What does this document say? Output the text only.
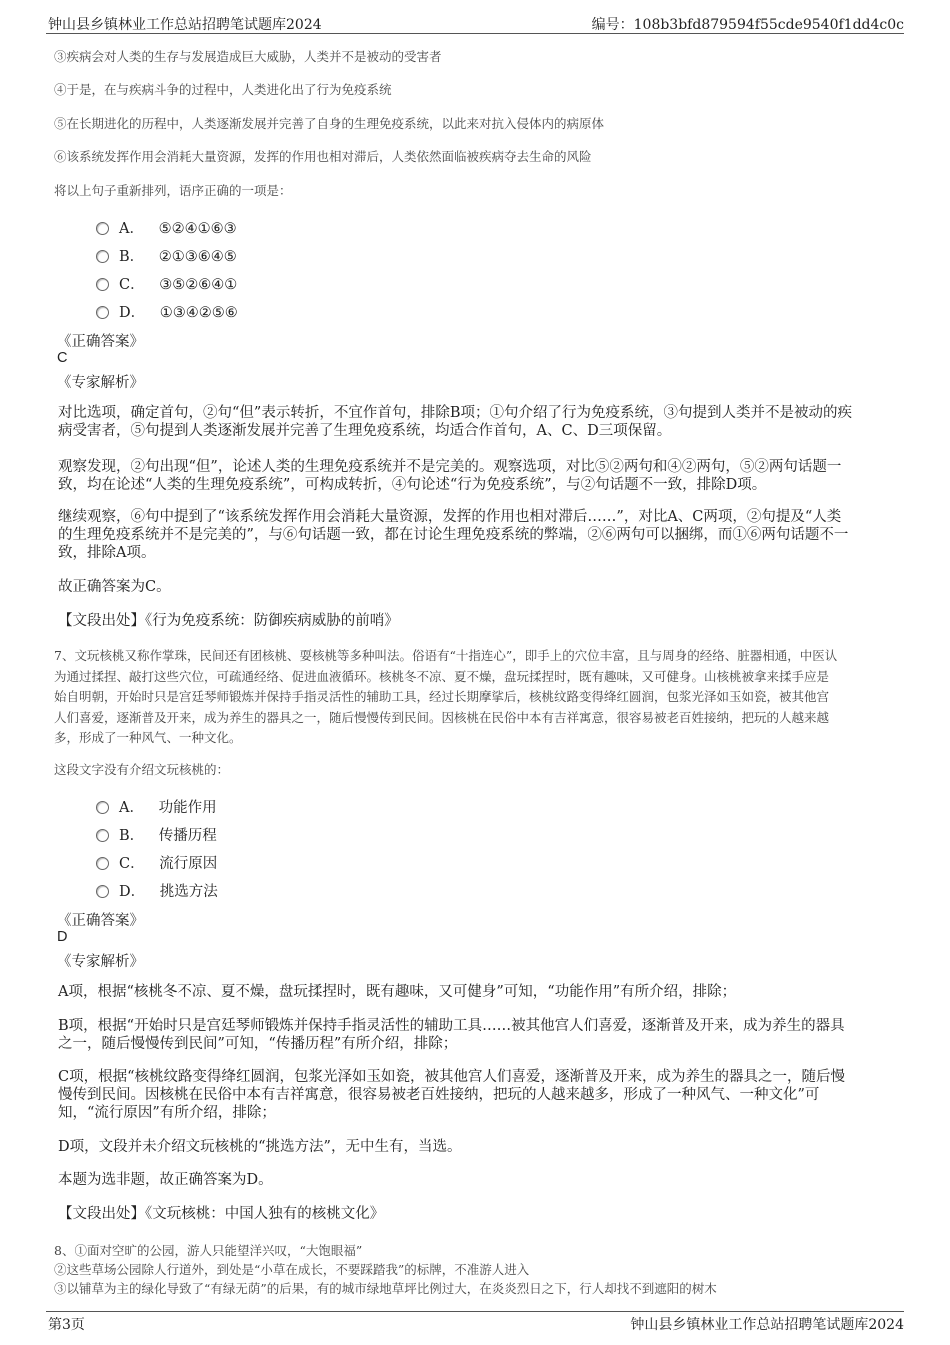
钟山县乡镇林业工作总站招聘笔试题库2024	编号：108b3bfd879594f55cde9540f1dd4c0c
③疾病会对人类的生存与发展造成巨大威胁，人类并不是被动的受害者
④于是，在与疾病斗争的过程中，人类进化出了行为免疫系统
⑤在长期进化的历程中，人类逐渐发展并完善了自身的生理免疫系统，以此来对抗入侵体内的病原体
⑥该系统发挥作用会消耗大量资源，发挥的作用也相对滞后，人类依然面临被疾病夺去生命的风险
将以上句子重新排列，语序正确的一项是：
A． ⑤②④①⑥③
B． ②①③⑥④⑤
C． ③⑤②⑥④①
D． ①③④②⑤⑥
《正确答案》
C
《专家解析》
对比选项，确定首句，②句“但”表示转折，不宜作首句，排除B项；①句介绍了行为免疫系统，③句提到人类并不是被动的疾
病受害者，⑤句提到人类逐渐发展并完善了生理免疫系统，均适合作首句，A、C、D三项保留。
观察发现，②句出现“但”，论述人类的生理免疫系统并不是完美的。观察选项，对比⑤②两句和④②两句，⑤②两句话题一
致，均在论述“人类的生理免疫系统”，可构成转折，④句论述“行为免疫系统”，与②句话题不一致，排除D项。
继续观察，⑥句中提到了“该系统发挥作用会消耗大量资源，发挥的作用也相对滞后……”，对比A、C两项，②句提及“人类
的生理免疫系统并不是完美的”，与⑥句话题一致，都在讨论生理免疫系统的弊端，②⑥两句可以捆绑，而①⑥两句话题不一
致，排除A项。
故正确答案为C。
【文段出处】《行为免疫系统：防御疾病威胁的前哨》
7、文玩核桃又称作掌珠，民间还有团核桃、耍核桃等多种叫法。俗语有“十指连心”，即手上的穴位丰富，且与周身的经络、脏器相通，中医认
为通过揉捏、敲打这些穴位，可疏通经络、促进血液循环。核桃冬不凉、夏不燥，盘玩揉捏时，既有趣味，又可健身。山核桃被拿来揉手应是
始自明朝，开始时只是宫廷琴师锻炼并保持手指灵活性的辅助工具，经过长期摩挲后，核桃纹路变得绛红圆润，包浆光泽如玉如瓷，被其他宫
人们喜爱，逐渐普及开来，成为养生的器具之一，随后慢慢传到民间。因核桃在民俗中本有吉祥寓意，很容易被老百姓接纳，把玩的人越来越
多，形成了一种风气、一种文化。
这段文字没有介绍文玩核桃的：
A． 功能作用
B． 传播历程
C． 流行原因
D． 挑选方法
《正确答案》
D
《专家解析》
A项，根据“核桃冬不凉、夏不燥，盘玩揉捏时，既有趣味，又可健身”可知，“功能作用”有所介绍，排除；
B项，根据“开始时只是宫廷琴师锻炼并保持手指灵活性的辅助工具……被其他宫人们喜爱，逐渐普及开来，成为养生的器具
之一，随后慢慢传到民间”可知，“传播历程”有所介绍，排除；
C项，根据“核桃纹路变得绛红圆润，包浆光泽如玉如瓷，被其他宫人们喜爱，逐渐普及开来，成为养生的器具之一，随后慢
慢传到民间。因核桃在民俗中本有吉祥寓意，很容易被老百姓接纳，把玩的人越来越多，形成了一种风气、一种文化”可
知，“流行原因”有所介绍，排除；
D项，文段并未介绍文玩核桃的“挑选方法”，无中生有，当选。
本题为选非题，故正确答案为D。
【文段出处】《文玩核桃：中国人独有的核桃文化》
8、①面对空旷的公园，游人只能望洋兴叹，“大饱眼福”
②这些草场公园除人行道外，到处是“小草在成长，不要踩踏我”的标牌，不准游人进入
③以铺草为主的绿化导致了“有绿无荫”的后果，有的城市绿地草坪比例过大，在炎炎烈日之下，行人却找不到遮阳的树木
第3页	钟山县乡镇林业工作总站招聘笔试题库2024
